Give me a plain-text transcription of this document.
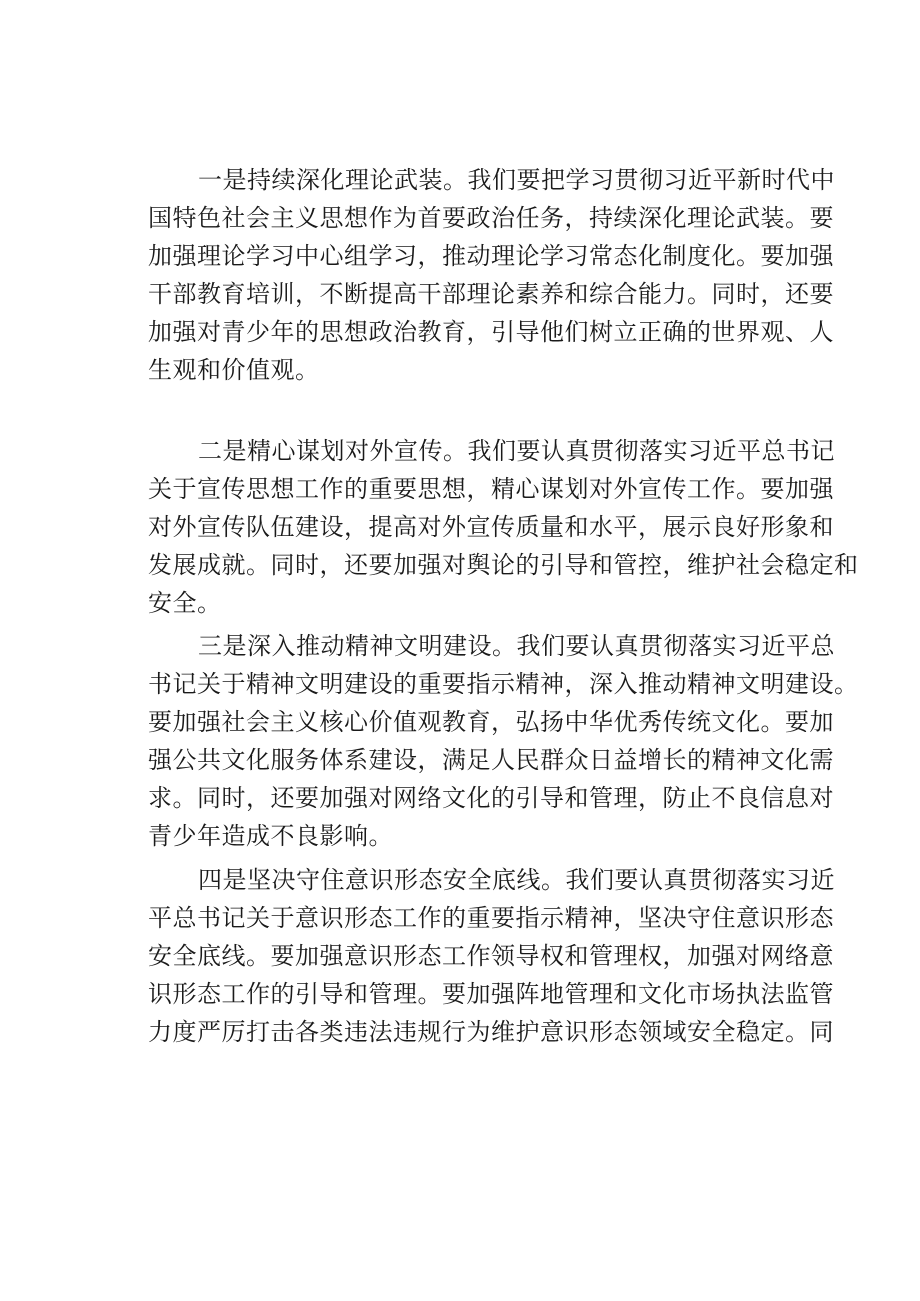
一是持续深化理论武装。我们要把学习贯彻习近平新时代中
国特色社会主义思想作为首要政治任务，持续深化理论武装。要
加强理论学习中心组学习，推动理论学习常态化制度化。要加强
干部教育培训，不断提高干部理论素养和综合能力。同时，还要
加强对青少年的思想政治教育，引导他们树立正确的世界观、人
生观和价值观。
二是精心谋划对外宣传。我们要认真贯彻落实习近平总书记
关于宣传思想工作的重要思想，精心谋划对外宣传工作。要加强
对外宣传队伍建设，提高对外宣传质量和水平，展示良好形象和
发展成就。同时，还要加强对舆论的引导和管控，维护社会稳定和
安全。
三是深入推动精神文明建设。我们要认真贯彻落实习近平总
书记关于精神文明建设的重要指示精神，深入推动精神文明建设。
要加强社会主义核心价值观教育，弘扬中华优秀传统文化。要加
强公共文化服务体系建设，满足人民群众日益增长的精神文化需
求。同时，还要加强对网络文化的引导和管理，防止不良信息对
青少年造成不良影响。
四是坚决守住意识形态安全底线。我们要认真贯彻落实习近
平总书记关于意识形态工作的重要指示精神，坚决守住意识形态
安全底线。要加强意识形态工作领导权和管理权，加强对网络意
识形态工作的引导和管理。要加强阵地管理和文化市场执法监管
力度严厉打击各类违法违规行为维护意识形态领域安全稳定。同
